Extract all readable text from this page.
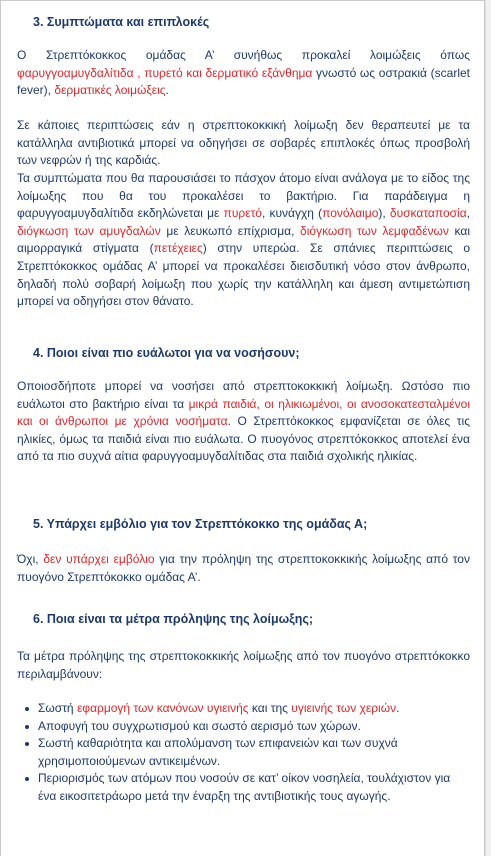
3. Συμπτώματα και επιπλοκές

Ο Στρεπτόκοκκος ομάδας Α’ συνήθως προκαλεί λοιμώξεις όπως φαρυγγοαμυγδαλίτιδα , πυρετό και δερματικό εξάνθημα γνωστό ως οστρακιά (scarlet fever), δερματικές λοιμώξεις.

Σε κάποιες περιπτώσεις εάν η στρεπτοκοκκική λοίμωξη δεν θεραπευτεί με τα κατάλληλα αντιβιοτικά μπορεί να οδηγήσει σε σοβαρές επιπλοκές όπως προσβολή των νεφρών ή της καρδιάς.

Τα συμπτώματα που θα παρουσιάσει το πάσχον άτομο είναι ανάλογα με το είδος της λοίμωξης που θα του προκαλέσει το βακτήριο. Για παράδειγμα η φαρυγγοαμυγδαλίτιδα εκδηλώνεται με πυρετό, κυνάγχη (πονόλαιμο), δυσκαταποσία, διόγκωση των αμυγδαλών με λευκωπό επίχρισμα, διόγκωση των λεμφαδένων και αιμορραγικά στίγματα (πετέχειες) στην υπερώα. Σε σπάνιες περιπτώσεις ο Στρεπτόκοκκος ομάδας Α’ μπορεί να προκαλέσει διεισδυτική νόσο στον άνθρωπο, δηλαδή πολύ σοβαρή λοίμωξη που χωρίς την κατάλληλη και άμεση αντιμετώπιση μπορεί να οδηγήσει στον θάνατο.

4. Ποιοι είναι πιο ευάλωτοι για να νοσήσουν;

Οποιοσδήποτε μπορεί να νοσήσει από στρεπτοκοκκική λοίμωξη. Ωστόσο πιο ευάλωτοι στο βακτήριο είναι τα μικρά παιδιά, οι ηλικιωμένοι, οι ανοσοκατεσταλμένοι και οι άνθρωποι με χρόνια νοσήματα. Ο Στρεπτόκοκκος εμφανίζεται σε όλες τις ηλικίες, όμως τα παιδιά είναι πιο ευάλωτα. Ο πυογόνος στρεπτόκοκκος αποτελεί ένα από τα πιο συχνά αίτια φαρυγγοαμυγδαλίτιδας στα παιδιά σχολικής ηλικίας.

5. Υπάρχει εμβόλιο για τον Στρεπτόκοκκο της ομάδας Α;

Όχι, δεν υπάρχει εμβόλιο για την πρόληψη της στρεπτοκοκκικής λοίμωξης από τον πυογόνο Στρεπτόκοκκο ομάδας Α’.

6. Ποια είναι τα μέτρα πρόληψης της λοίμωξης;

Τα μέτρα πρόληψης της στρεπτοκοκκικής λοίμωξης από τον πυογόνο στρεπτόκοκκο περιλαμβάνουν:

Σωστή εφαρμογή των κανόνων υγιεινής και της υγιεινής των χεριών.
Αποφυγή του συγχρωτισμού και σωστό αερισμό των χώρων.
Σωστή καθαριότητα και απολύμανση των επιφανειών και των συχνά χρησιμοποιούμενων αντικειμένων.
Περιορισμός των ατόμων που νοσούν σε κατ’ οίκον νοσηλεία, τουλάχιστον για ένα εικοσιτετράωρο μετά την έναρξη της αντιβιοτικής τους αγωγής.
